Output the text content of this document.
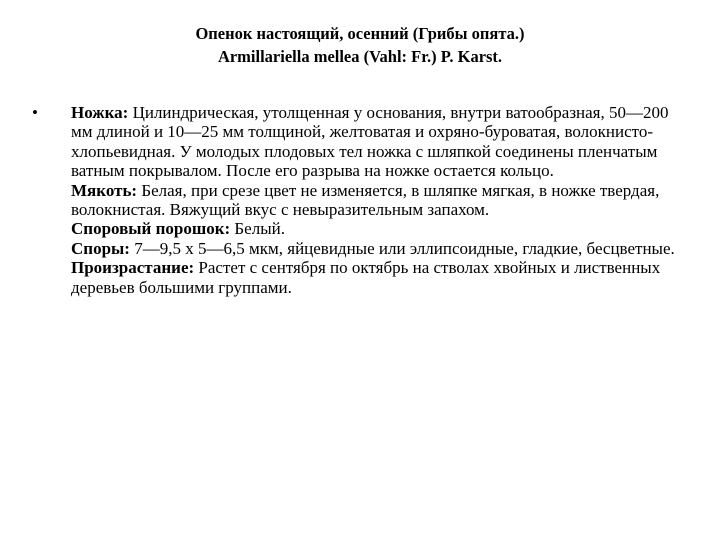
Опенок настоящий, осенний (Грибы опята.)
Armillariella mellea (Vahl: Fr.) P. Karst.
• Ножка: Цилиндрическая, утолщенная у основания, внутри ватообразная, 50—200 мм длиной и 10—25 мм толщиной, желтоватая и охряно-буроватая, волокнисто-хлопьевидная. У молодых плодовых тел ножка с шляпкой соединены пленчатым ватным покрывалом. После его разрыва на ножке остается кольцо.
Мякоть: Белая, при срезе цвет не изменяется, в шляпке мягкая, в ножке твердая, волокнистая. Вяжущий вкус с невыразительным запахом.
Споровый порошок: Белый.
Споры: 7—9,5 х 5—6,5 мкм, яйцевидные или эллипсоидные, гладкие, бесцветные.
Произрастание: Растет с сентября по октябрь на стволах хвойных и лиственных деревьев большими группами.
